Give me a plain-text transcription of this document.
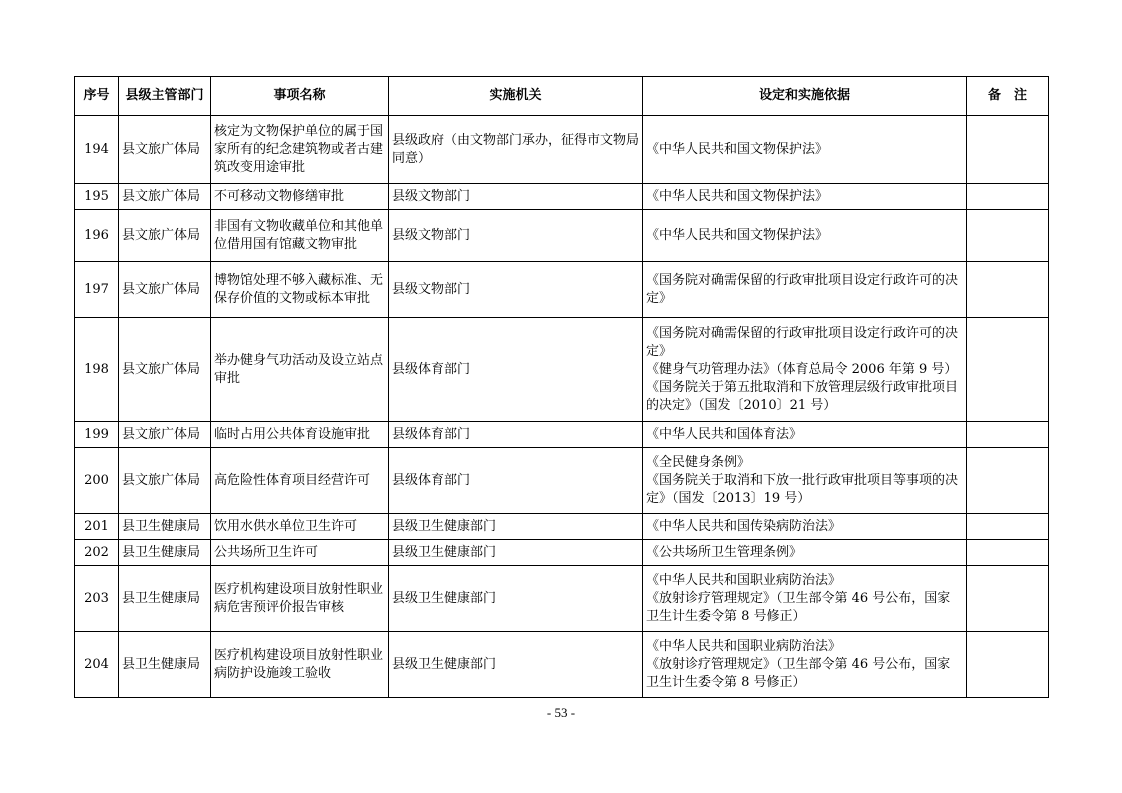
序号	县级主管部门	事项名称	实施机关	设定和实施依据	备　注
194	县文旅广体局	核定为文物保护单位的属于国家所有的纪念建筑物或者古建筑改变用途审批	县级政府（由文物部门承办，征得市文物局同意）	《中华人民共和国文物保护法》	

195	县文旅广体局	不可移动文物修缮审批	县级文物部门	《中华人民共和国文物保护法》	

196	县文旅广体局	非国有文物收藏单位和其他单位借用国有馆藏文物审批	县级文物部门	《中华人民共和国文物保护法》	

197	县文旅广体局	博物馆处理不够入藏标准、无保存价值的文物或标本审批	县级文物部门	《国务院对确需保留的行政审批项目设定行政许可的决定》	

198	县文旅广体局	举办健身气功活动及设立站点审批	县级体育部门	《国务院对确需保留的行政审批项目设定行政许可的决定》
《健身气功管理办法》（体育总局令 2006 年第 9 号）
《国务院关于第五批取消和下放管理层级行政审批项目的决定》（国发〔2010〕21 号）	

199	县文旅广体局	临时占用公共体育设施审批	县级体育部门	《中华人民共和国体育法》	

200	县文旅广体局	高危险性体育项目经营许可	县级体育部门	《全民健身条例》
《国务院关于取消和下放一批行政审批项目等事项的决定》（国发〔2013〕19 号）	

201	县卫生健康局	饮用水供水单位卫生许可	县级卫生健康部门	《中华人民共和国传染病防治法》	

202	县卫生健康局	公共场所卫生许可	县级卫生健康部门	《公共场所卫生管理条例》	

203	县卫生健康局	医疗机构建设项目放射性职业病危害预评价报告审核	县级卫生健康部门	《中华人民共和国职业病防治法》
《放射诊疗管理规定》（卫生部令第 46 号公布，国家卫生计生委令第 8 号修正）	

204	县卫生健康局	医疗机构建设项目放射性职业病防护设施竣工验收	县级卫生健康部门	《中华人民共和国职业病防治法》
《放射诊疗管理规定》（卫生部令第 46 号公布，国家卫生计生委令第 8 号修正）	

- 53 -
